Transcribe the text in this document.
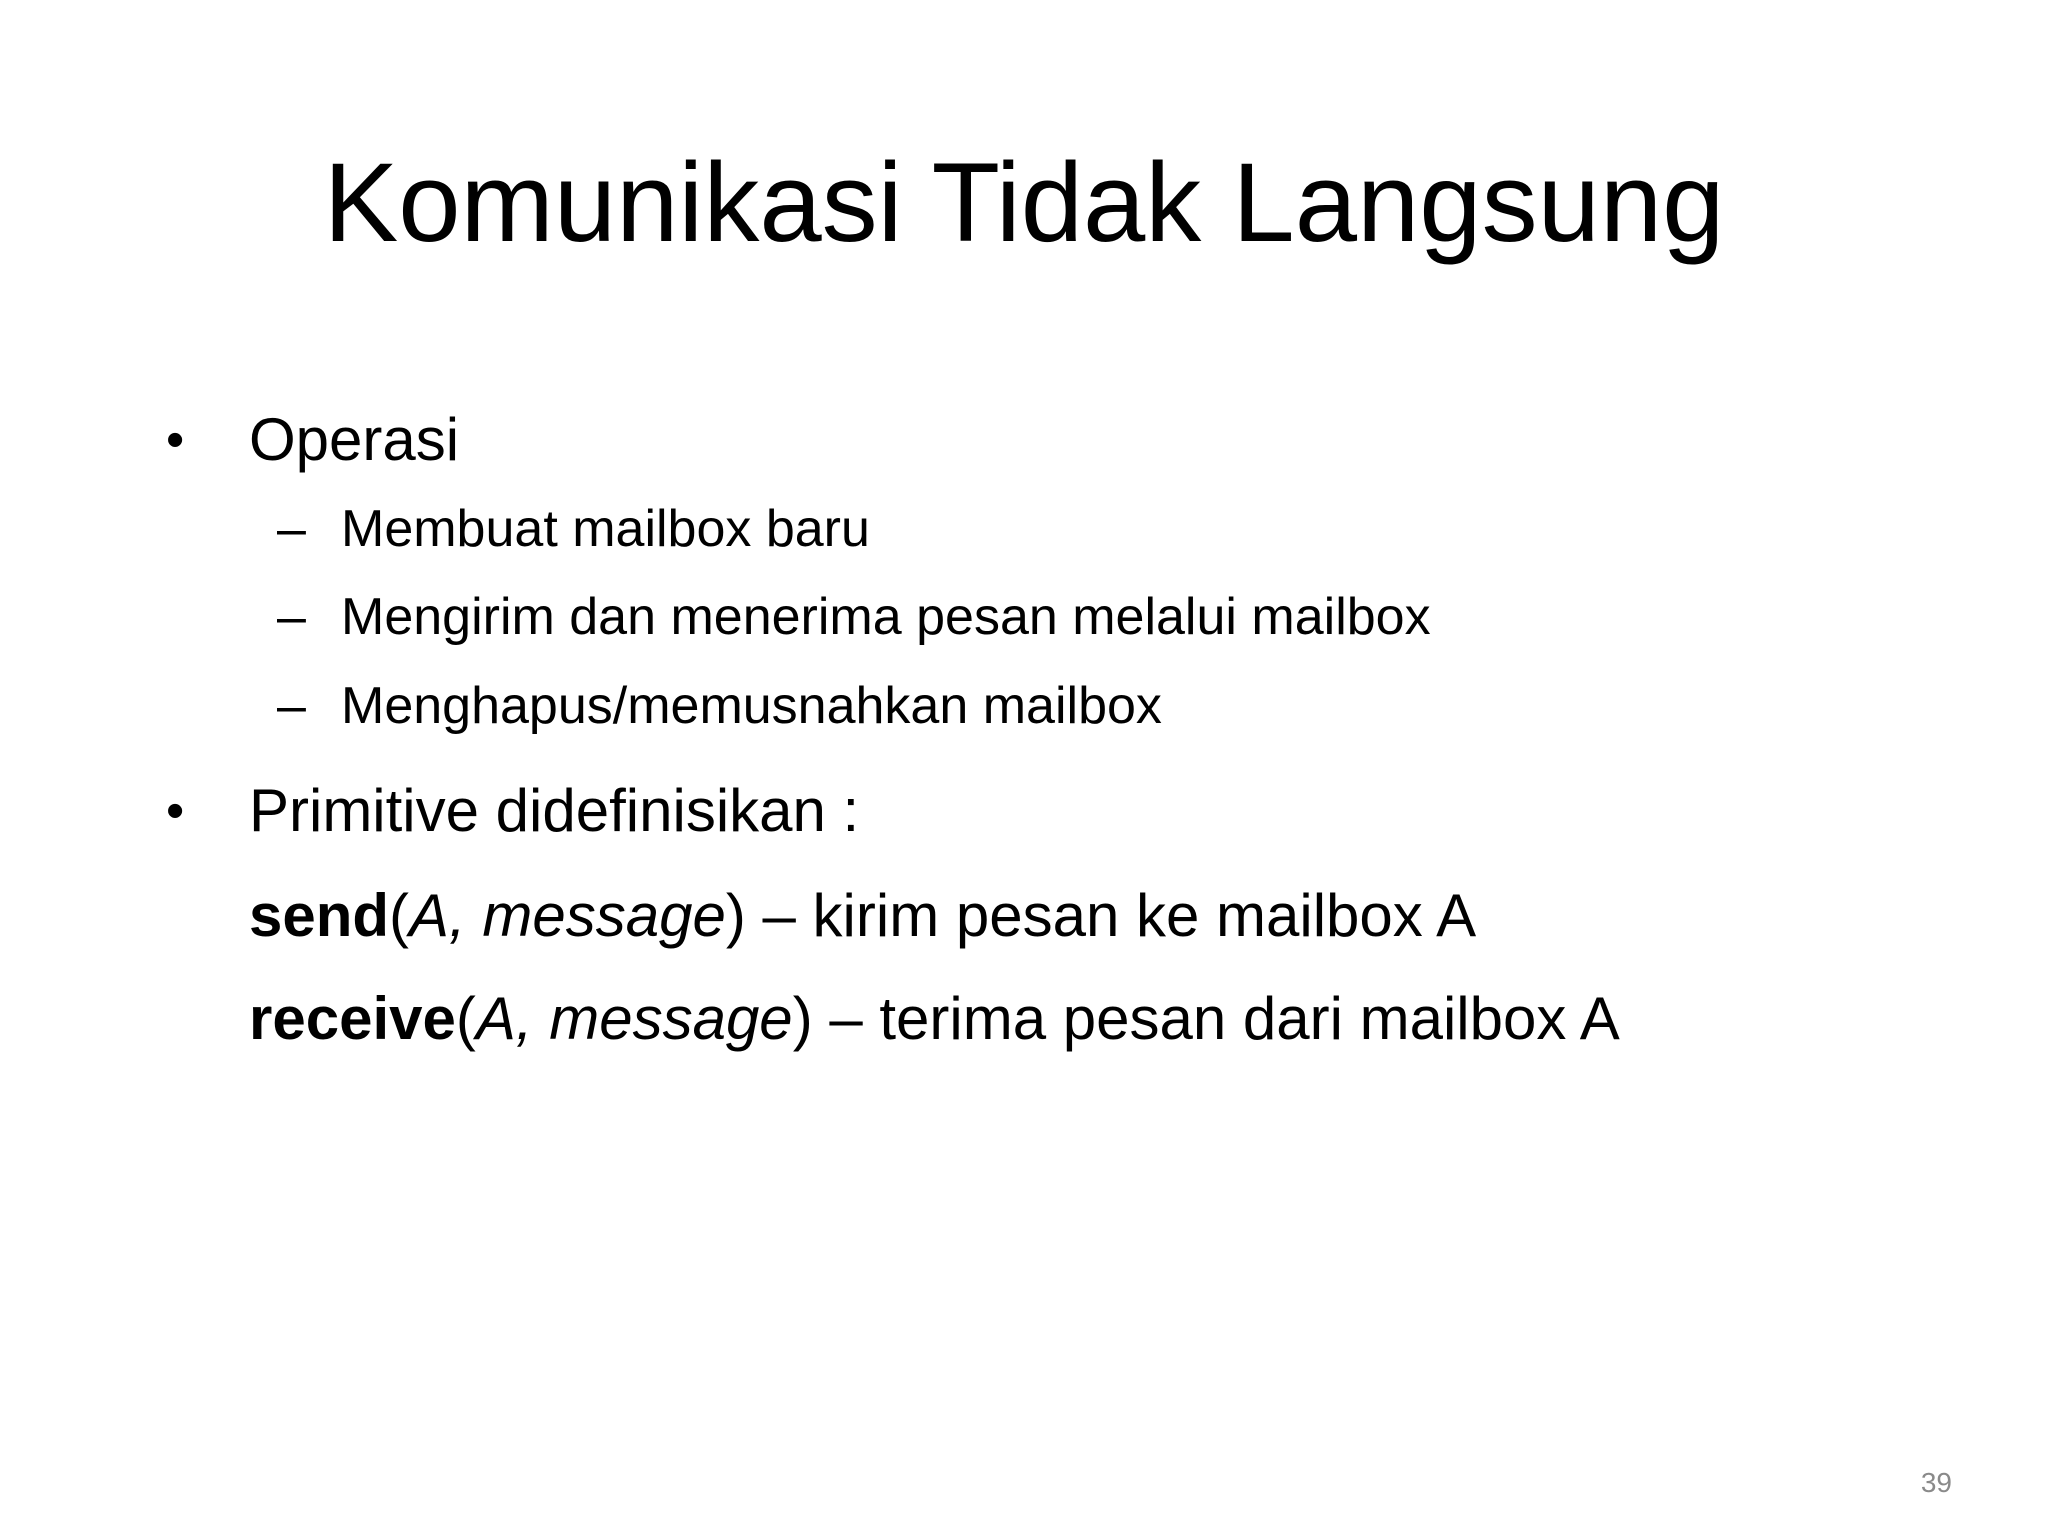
Komunikasi Tidak Langsung
• Operasi
– Membuat mailbox baru
– Mengirim dan menerima pesan melalui mailbox
– Menghapus/memusnahkan mailbox
• Primitive didefinisikan :
send(A, message) – kirim pesan ke mailbox A
receive(A, message) – terima pesan dari mailbox A
39
